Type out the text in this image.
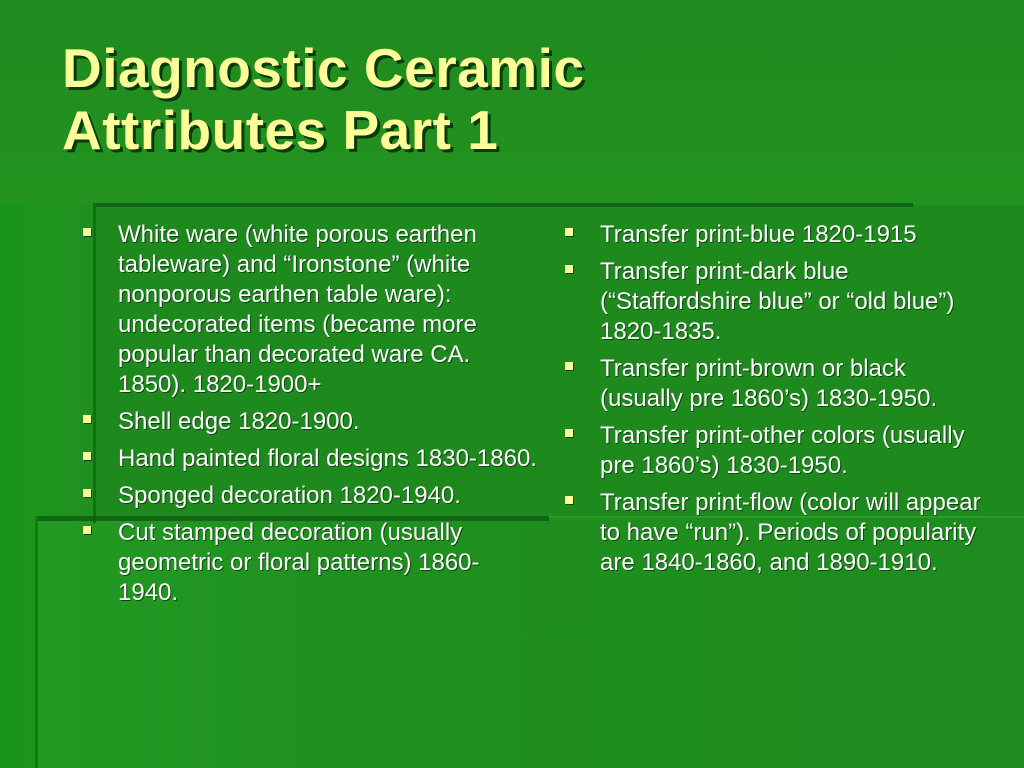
Diagnostic Ceramic
Attributes Part 1
White ware (white porous earthen tableware) and “Ironstone” (white nonporous earthen table ware): undecorated items (became more popular than decorated ware CA. 1850). 1820-1900+
Shell edge 1820-1900.
Hand painted floral designs 1830-1860.
Sponged decoration 1820-1940.
Cut stamped decoration (usually geometric or floral patterns) 1860-1940.
Transfer print-blue 1820-1915
Transfer print-dark blue (“Staffordshire blue” or “old blue”) 1820-1835.
Transfer print-brown or black (usually pre 1860’s) 1830-1950.
Transfer print-other colors (usually pre 1860’s) 1830-1950.
Transfer print-flow (color will appear to have “run”). Periods of popularity are 1840-1860, and 1890-1910.
